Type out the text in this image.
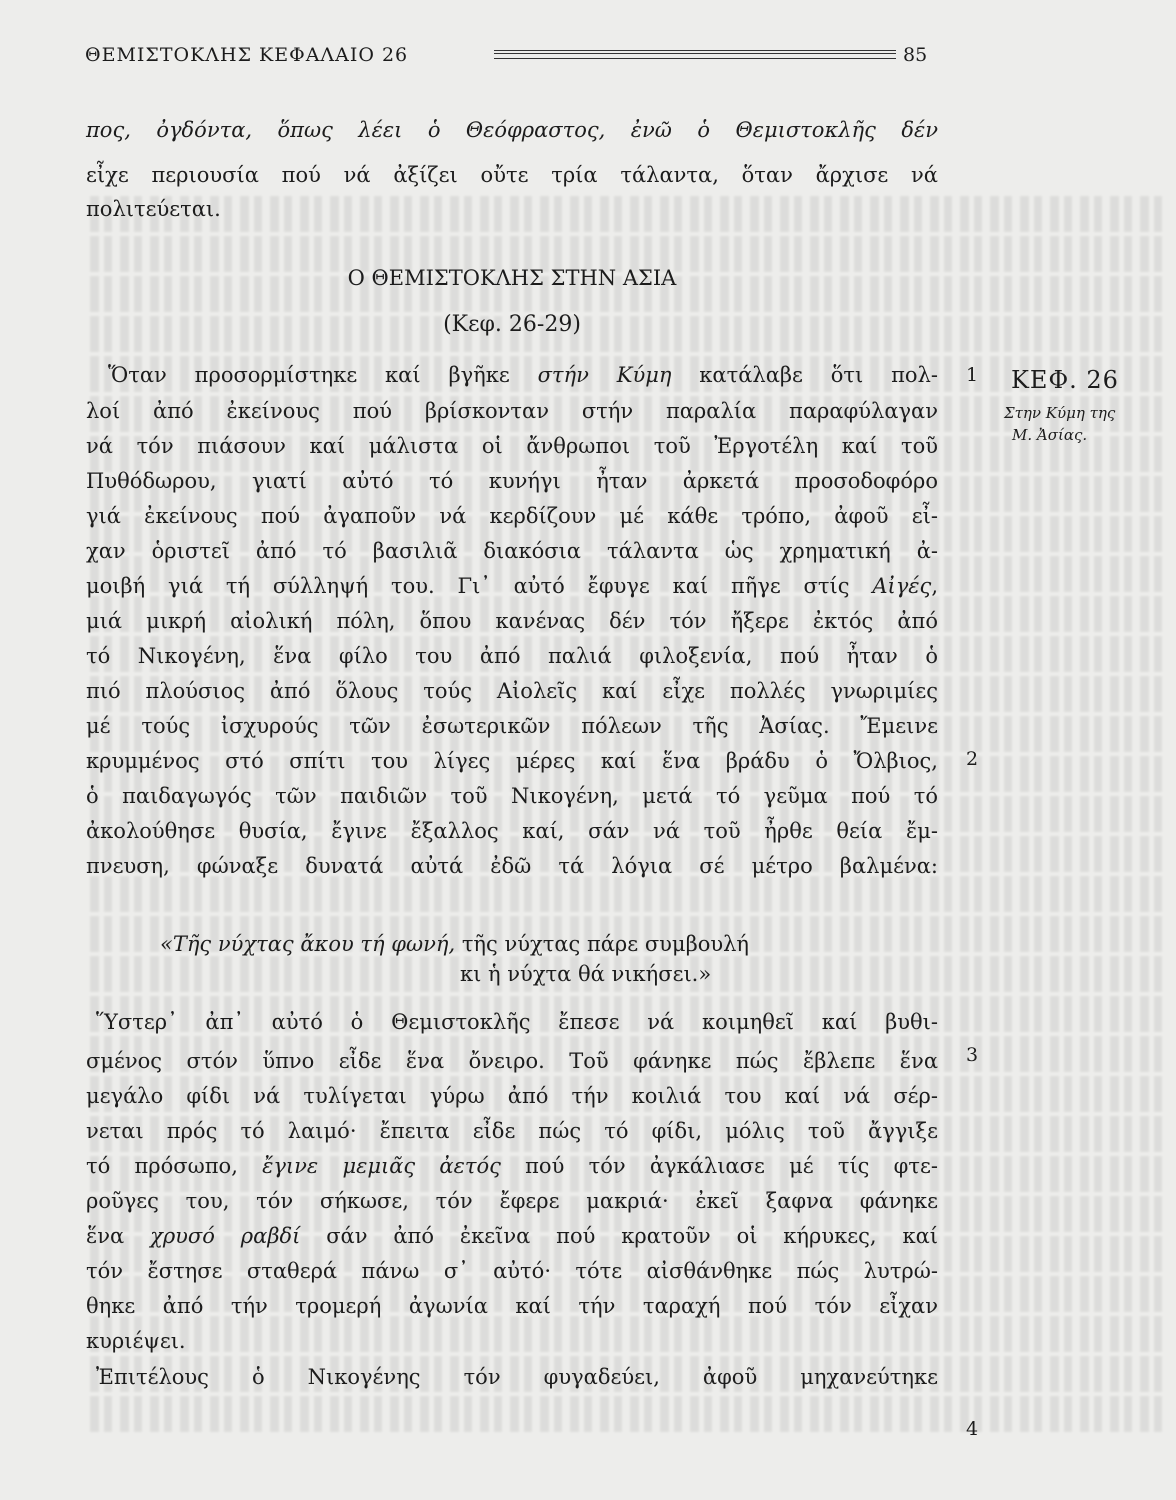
ΘΕΜΙΣΤΟΚΛΗΣ ΚΕΦΑΛΑΙΟ 26	85
πος, ὀγδόντα, ὅπως λέει ὁ Θεόφραστος, ἐνῶ ὁ Θεμιστοκλῆς δέν
εἶχε περιουσία πού νά ἀξίζει οὔτε τρία τάλαντα, ὅταν ἄρχισε νά
πολιτεύεται.
Ο ΘΕΜΙΣΤΟΚΛΗΣ ΣΤΗΝ ΑΣΙΑ
(Κεφ. 26-29)
Ὅταν προσορμίστηκε καί βγῆκε στήν Κύμη κατάλαβε ὅτι πολ-
λοί ἀπό ἐκείνους πού βρίσκονταν στήν παραλία παραφύλαγαν
νά τόν πιάσουν καί μάλιστα οἱ ἄνθρωποι τοῦ Ἐργοτέλη καί τοῦ
Πυθόδωρου, γιατί αὐτό τό κυνήγι ἦταν ἀρκετά προσοδοφόρο
γιά ἐκείνους πού ἀγαποῦν νά κερδίζουν μέ κάθε τρόπο, ἀφοῦ εἶ-
χαν ὁριστεῖ ἀπό τό βασιλιᾶ διακόσια τάλαντα ὡς χρηματική ἀ-
μοιβή γιά τή σύλληψή του. Γι᾿ αὐτό ἔφυγε καί πῆγε στίς Αἰγές,
μιά μικρή αἰολική πόλη, ὅπου κανένας δέν τόν ἤξερε ἐκτός ἀπό
τό Νικογένη, ἕνα φίλο του ἀπό παλιά φιλοξενία, πού ἦταν ὁ
πιό πλούσιος ἀπό ὅλους τούς Αἰολεῖς καί εἶχε πολλές γνωριμίες
μέ τούς ἰσχυρούς τῶν ἐσωτερικῶν πόλεων τῆς Ἀσίας. Ἔμεινε
κρυμμένος στό σπίτι του λίγες μέρες καί ἕνα βράδυ ὁ Ὄλβιος,
ὁ παιδαγωγός τῶν παιδιῶν τοῦ Νικογένη, μετά τό γεῦμα πού τό
ἀκολούθησε θυσία, ἔγινε ἔξαλλος καί, σάν νά τοῦ ἦρθε θεία ἔμ-
πνευση, φώναξε δυνατά αὐτά ἐδῶ τά λόγια σέ μέτρο βαλμένα:
«Τῆς νύχτας ἄκου τή φωνή, τῆς νύχτας πάρε συμβουλή
κι ἡ νύχτα θά νικήσει.»
Ὕστερ᾿ ἀπ᾿ αὐτό ὁ Θεμιστοκλῆς ἔπεσε νά κοιμηθεῖ καί βυθι-
σμένος στόν ὕπνο εἶδε ἕνα ὄνειρο. Τοῦ φάνηκε πώς ἔβλεπε ἕνα
μεγάλο φίδι νά τυλίγεται γύρω ἀπό τήν κοιλιά του καί νά σέρ-
νεται πρός τό λαιμό· ἔπειτα εἶδε πώς τό φίδι, μόλις τοῦ ἄγγιξε
τό πρόσωπο, ἔγινε μεμιᾶς ἀετός πού τόν ἀγκάλιασε μέ τίς φτε-
ροῦγες του, τόν σήκωσε, τόν ἔφερε μακριά· ἐκεῖ ξαφνα φάνηκε
ἕνα χρυσό ραβδί σάν ἀπό ἐκεῖνα πού κρατοῦν οἱ κήρυκες, καί
τόν ἔστησε σταθερά πάνω σ᾿ αὐτό· τότε αἰσθάνθηκε πώς λυτρώ-
θηκε ἀπό τήν τρομερή ἀγωνία καί τήν ταραχή πού τόν εἶχαν
κυριέψει.
Ἐπιτέλους ὁ Νικογένης τόν φυγαδεύει, ἀφοῦ μηχανεύτηκε
1
2
3
4
ΚΕΦ. 26
Στην Κύμη της
Μ. Ἀσίας.
